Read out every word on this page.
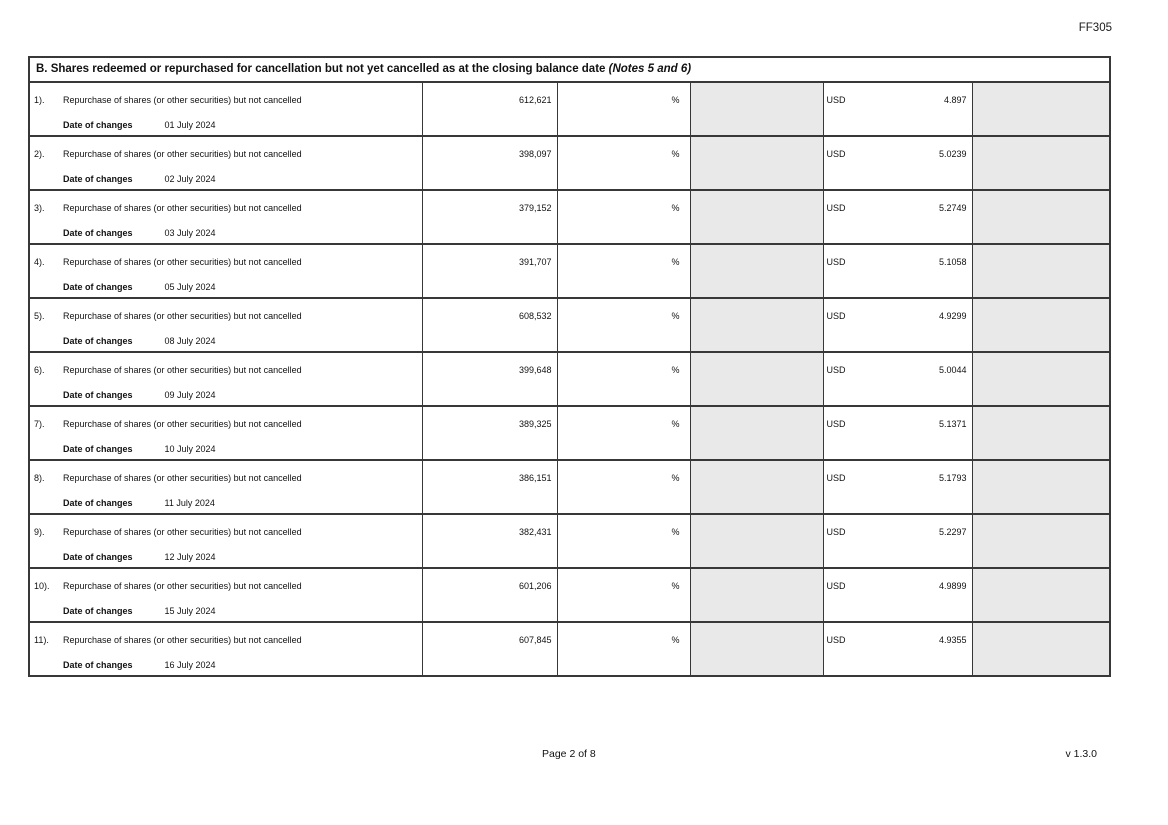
FF305
B. Shares redeemed or repurchased for cancellation but not yet cancelled as at the closing balance date (Notes 5 and 6)					

1). Repurchase of shares (or other securities) but not cancelled
Date of changes 01 July 2024	612,621	%		USD 4.897	

2). Repurchase of shares (or other securities) but not cancelled
Date of changes 02 July 2024	398,097	%		USD 5.0239	

3). Repurchase of shares (or other securities) but not cancelled
Date of changes 03 July 2024	379,152	%		USD 5.2749	

4). Repurchase of shares (or other securities) but not cancelled
Date of changes 05 July 2024	391,707	%		USD 5.1058	

5). Repurchase of shares (or other securities) but not cancelled
Date of changes 08 July 2024	608,532	%		USD 4.9299	

6). Repurchase of shares (or other securities) but not cancelled
Date of changes 09 July 2024	399,648	%		USD 5.0044	

7). Repurchase of shares (or other securities) but not cancelled
Date of changes 10 July 2024	389,325	%		USD 5.1371	

8). Repurchase of shares (or other securities) but not cancelled
Date of changes 11 July 2024	386,151	%		USD 5.1793	

9). Repurchase of shares (or other securities) but not cancelled
Date of changes 12 July 2024	382,431	%		USD 5.2297	

10). Repurchase of shares (or other securities) but not cancelled
Date of changes 15 July 2024	601,206	%		USD 4.9899	

11). Repurchase of shares (or other securities) but not cancelled
Date of changes 16 July 2024	607,845	%		USD 4.9355	

Page 2 of 8	v 1.3.0
